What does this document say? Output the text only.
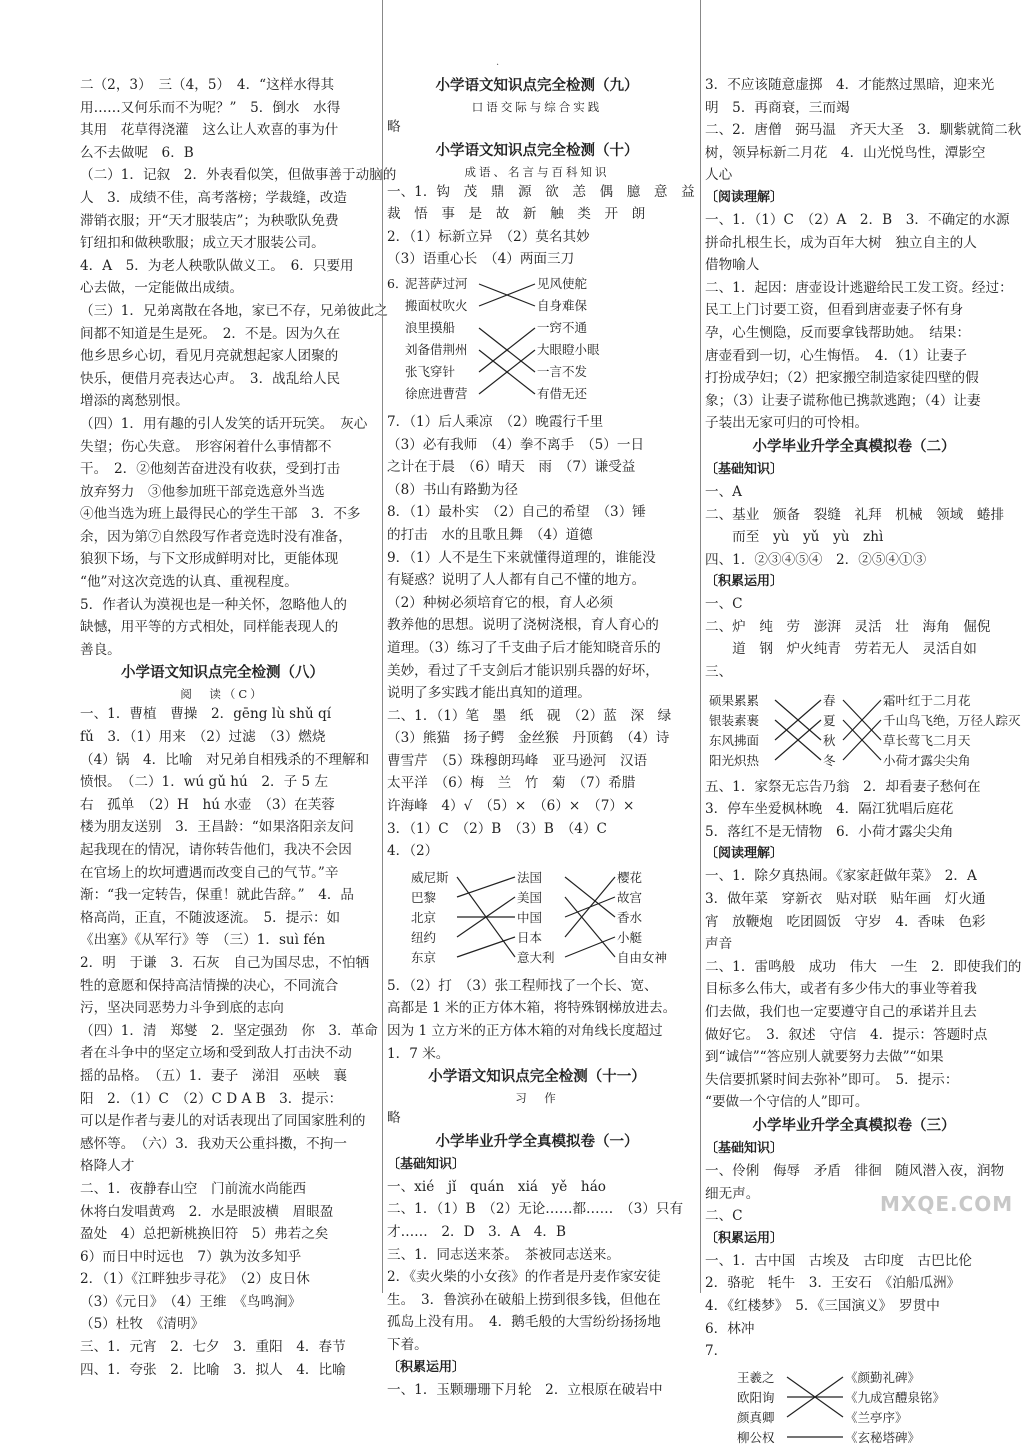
·
二（2，3）　三（4，5）　4．“这样水得其
用……又何乐而不为呢？”　5．倒水　水得
其用　花草得浇灌　这么让人欢喜的事为什
么不去做呢　6．B
（二）1．记叙　2．外表看似笑，但做事善于动脑的
人　3．成绩不佳，高考落榜；学裁缝，改造
滞销衣服；开“天才服装店”；为秧歌队免费
钉纽扣和做秧歌服；成立天才服装公司。
4．A　5．为老人秧歌队做义工。　6．只要用
心去做，一定能做出成绩。
（三）1．兄弟离散在各地，家已不存，兄弟彼此之
间都不知道是生是死。　2．不是。因为久在
他乡思乡心切，看见月亮就想起家人团聚的
快乐，便借月亮表达心声。　3．战乱给人民
增添的离愁别恨。
（四）1．用有趣的引人发笑的话开玩笑。　灰心
失望；伤心失意。　形容闲着什么事情都不
干。　2．②他刻苦奋进没有收获，受到打击
放弃努力　③他参加班干部竞选意外当选
④他当选为班上最得民心的学生干部　3．不多
余，因为第⑦自然段写作者竞选时没有准备，
狼狈下场，与下文形成鲜明对比，更能体现
“他”对这次竞选的认真、重视程度。
5．作者认为漠视也是一种关怀，忽略他人的
缺憾，用平等的方式相处，同样能表现人的
善良。
小学语文知识点完全检测（八）
阅　读（C）
一、1．曹植　曹操　2．gēng lù shǔ qí
fǔ　3．（1）用来　（2）过滤　（3）燃烧
（4）锅　4．比喻　对兄弟自相残杀的不理解和
愤恨。　（二）1．wú gǔ hú　2．子 5 左
右　孤单　（2）H　hú 水壶　（3）在芙蓉
楼为朋友送别　3．王昌龄：“如果洛阳亲友问
起我现在的情况，请你转告他们，我决不会因
在官场上的坎坷遭遇而改变自己的气节。”辛
渐：“我一定转告，保重！就此告辞。”　4．品
格高尚，正直，不随波逐流。　5．提示：如
《出塞》《从军行》等　（三）1．suì fén
2．明　于谦　3．石灰　自己为国尽忠，不怕牺
牲的意愿和保持高洁情操的决心，不同流合
污，坚决同恶势力斗争到底的志向
（四）1．清　郑燮　2．坚定强劲　你　3．革命
者在斗争中的坚定立场和受到敌人打击決不动
摇的品格。　（五）1．妻子　涕泪　巫峡　襄
阳　2．（1）C　（2）C D A B　3．提示：
可以是作者与妻儿的对话表现出了同国家胜利的
感怀等。　（六）3．我劝天公重抖擞，不拘一
格降人才
二、1．夜静春山空　门前流水尚能西
休将白发唱黄鸡　2．水是眼波横　眉眼盈
盈处　4）总把新桃换旧符　5）弗若之矣
6）而日中时远也　7）孰为汝多知乎
2．（1）《江畔独步寻花》　（2）皮日休
（3）《元日》　（4）王维　《鸟鸣涧》
（5）杜牧　《清明》
三、1．元宵　2．七夕　3．重阳　4．春节
四、1．夸张　2．比喻　3．拟人　4．比喻
小学语文知识点完全检测（九）
口语交际与综合实践
略
小学语文知识点完全检测（十）
成语、名言与百科知识
一、1．钩　茂　鼎　源　欲　恙　偶　臆　意　益
裁　悟　事　是　故　新　触　类　开　朗
2．（1）标新立异　（2）莫名其妙
（3）语重心长　（4）两面三刀
6．
泥菩萨过河
搬面杖吹火
浪里摸船
刘备借荆州
张飞穿针
徐庶进曹营
见风使舵
自身难保
一窍不通
大眼瞪小眼
一言不发
有借无还
7．（1）后人乘凉　（2）晚霞行千里
（3）必有我师　（4）拳不离手　（5）一日
之计在于晨　（6）晴天　雨　（7）谦受益
（8）书山有路勤为径
8．（1）最朴实　（2）自己的希望　（3）锤
的打击　水的且歌且舞　（4）道德
9．（1）人不是生下来就懂得道理的，谁能没
有疑惑？说明了人人都有自己不懂的地方。
（2）种树必须培育它的根，育人必须
教养他的思想。说明了浇树浇根，育人育心的
道理。（3）练习了千支曲子后才能知晓音乐的
美妙，看过了千支剑后才能识别兵器的好坏，
说明了多实践才能出真知的道理。
二、1．（1）笔　墨　纸　砚　（2）蓝　深　绿
（3）熊猫　扬子鳄　金丝猴　丹顶鹤　（4）诗
曹雪芹　（5）珠穆朗玛峰　亚马逊河　汉语
太平洋　（6）梅　兰　竹　菊　（7）希腊
许海峰　4）√　（5）×　（6）×　（7）×
3．（1）C　（2）B　（3）B　（4）C
4．（2）
威尼斯
巴黎
北京
纽约
东京
法国
美国
中国
日本
意大利
樱花
故宫
香水
小艇
自由女神
5．（2）打　（3）张工程师找了一个长、宽、
高都是 1 米的正方体木箱，将特殊钢梯放进去。
因为 1 立方米的正方体木箱的对角线长度超过
1．7 米。
小学语文知识点完全检测（十一）
习　作
略
小学毕业升学全真模拟卷（一）
〔基础知识〕
一、xié　jǐ　quán　xiá　yě　háo
二、1．（1）B　（2）无论……都……　（3）只有
才……　2．D　3．A　4．B
三、1．同志送来茶。　茶被同志送来。
2．《卖火柴的小女孩》的作者是丹麦作家安徒
生。　3．鲁滨孙在破船上捞到很多钱，但他在
孤岛上没有用。　4．鹅毛般的大雪纷纷扬扬地
下着。
〔积累运用〕
一、1．玉颗珊珊下月轮　2．立根原在破岩中
3．不应该随意虚掷　4．才能熬过黑暗，迎来光
明　5．再商衰，三而竭
二、2．唐僧　弼马温　齐天大圣　3．馴紫就简二秋
树，领异标新二月花　4．山光悦鸟性，潭影空
人心
〔阅读理解〕
一、1．（1）C　（2）A　2．B　3．不确定的水源
拼命扎根生长，成为百年大树　独立自主的人
借物喻人
二、1．起因：唐壶设计逃避给民工发工资。经过：
民工上门讨要工资，但看到唐壶妻子怀有身
孕，心生恻隐，反而要拿钱帮助她。　结果：
唐壶看到一切，心生悔悟。　4．（1）让妻子
打扮成孕妇；（2）把家搬空制造家徒四壁的假
象；（3）让妻子谎称他已携款逃跑；（4）让妻
子装出无家可归的可怜相。
小学毕业升学全真模拟卷（二）
〔基础知识〕
一、A
二、基业　颁备　裂缝　礼拜　机械　领域　蜷排
　　而至　yù　yǔ　yù　zhì
四、1．②③④⑤④　2．②⑤④①③
〔积累运用〕
一、C
二、炉　纯　劳　澎湃　灵活　壮　海角　倔倪
　　道　钢　炉火纯青　劳若无人　灵活自如
三、
硕果累累
银装素裹
东风拂面
阳光炽热
春
夏
秋
冬
霜叶红于二月花
千山鸟飞绝，万径人踪灭
草长莺飞二月天
小荷才露尖尖角
五、1．家祭无忘告乃翁　2．却看妻子愁何在
3．停车坐爱枫林晚　4．隔江犹唱后庭花
5．落红不是无情物　6．小荷才露尖尖角
〔阅读理解〕
一、1．除夕真热闹。《家家赶做年菜》　2．A
3．做年菜　穿新衣　贴对联　贴年画　灯火通
宵　放鞭炮　吃团圆饭　守岁　4．香味　色彩
声音
二、1．雷鸣般　成功　伟大　一生　2．即使我们的
目标多么伟大，或者有多少伟大的事业等着我
们去做，我们也一定要遵守自己的承诺并且去
做好它。　3．叙述　守信　4．提示：答题时点
到“诚信”“答应别人就要努力去做”“如果
失信要抓紧时间去弥补”即可。　5．提示：
“要做一个守信的人”即可。
小学毕业升学全真模拟卷（三）
〔基础知识〕
一、伶俐　侮辱　矛盾　徘徊　随风潜入夜，润物
细无声。
二、C
〔积累运用〕
一、1．古中国　古埃及　古印度　古巴比伦
2．骆驼　牦牛　3．王安石　《泊船瓜洲》
4．《红楼梦》　5．《三国演义》　罗贯中
6．林冲
7．
王羲之
欧阳询
颜真卿
柳公权
《颜勤礼碑》
《九成宫醴泉铭》
《兰亭序》
《玄秘塔碑》
MXQE.COM
